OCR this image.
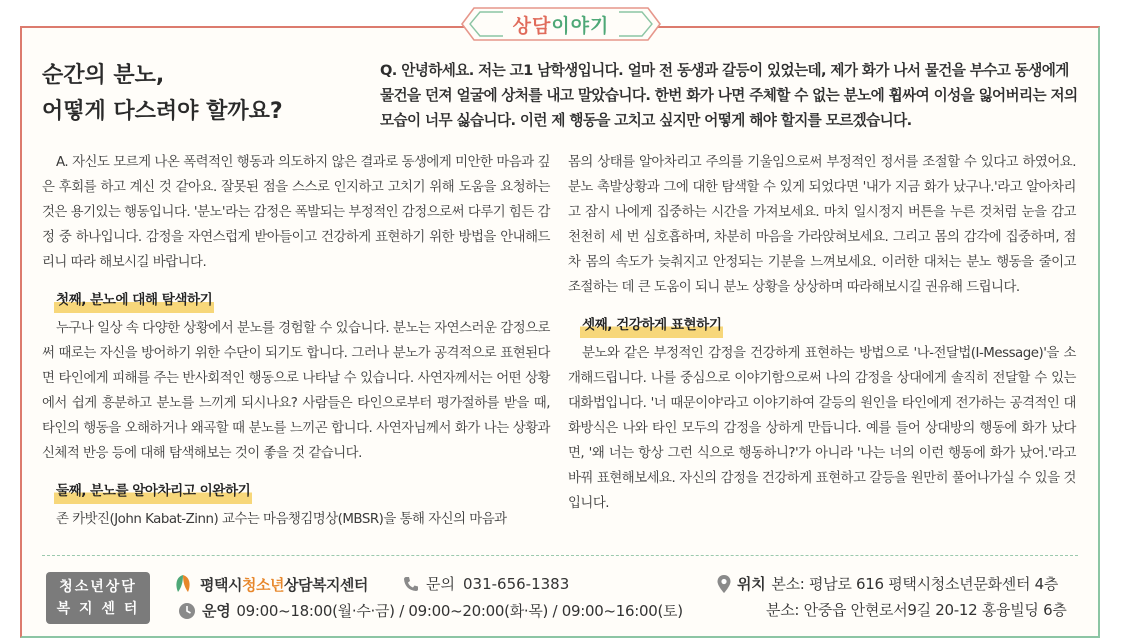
상담이야기
순간의 분노,
어떻게 다스려야 할까요?
Q. 안녕하세요. 저는 고1 남학생입니다. 얼마 전 동생과 갈등이 있었는데, 제가 화가 나서 물건을 부수고 동생에게 물건을 던져 얼굴에 상처를 내고 말았습니다. 한번 화가 나면 주체할 수 없는 분노에 휩싸여 이성을 잃어버리는 저의 모습이 너무 싫습니다. 이런 제 행동을 고치고 싶지만 어떻게 해야 할지를 모르겠습니다.

A. 자신도 모르게 나온 폭력적인 행동과 의도하지 않은 결과로 동생에게 미안한 마음과 깊은 후회를 하고 계신 것 같아요. 잘못된 점을 스스로 인지하고 고치기 위해 도움을 요청하는 것은 용기있는 행동입니다. '분노'라는 감정은 폭발되는 부정적인 감정으로써 다루기 힘든 감정 중 하나입니다. 감정을 자연스럽게 받아들이고 건강하게 표현하기 위한 방법을 안내해드리니 따라 해보시길 바랍니다.

첫째, 분노에 대해 탐색하기

누구나 일상 속 다양한 상황에서 분노를 경험할 수 있습니다. 분노는 자연스러운 감정으로써 때로는 자신을 방어하기 위한 수단이 되기도 합니다. 그러나 분노가 공격적으로 표현된다면 타인에게 피해를 주는 반사회적인 행동으로 나타날 수 있습니다. 사연자께서는 어떤 상황에서 쉽게 흥분하고 분노를 느끼게 되시나요? 사람들은 타인으로부터 평가절하를 받을 때, 타인의 행동을 오해하거나 왜곡할 때 분노를 느끼곤 합니다. 사연자님께서 화가 나는 상황과 신체적 반응 등에 대해 탐색해보는 것이 좋을 것 같습니다.

둘째, 분노를 알아차리고 이완하기

존 카밧진(John Kabat-Zinn) 교수는 마음챙김명상(MBSR)을 통해 자신의 마음과

몸의 상태를 알아차리고 주의를 기울임으로써 부정적인 정서를 조절할 수 있다고 하였어요. 분노 촉발상황과 그에 대한 탐색할 수 있게 되었다면 '내가 지금 화가 났구나.'라고 알아차리고 잠시 나에게 집중하는 시간을 가져보세요. 마치 일시정지 버튼을 누른 것처럼 눈을 감고 천천히 세 번 심호흡하며, 차분히 마음을 가라앉혀보세요. 그리고 몸의 감각에 집중하며, 점차 몸의 속도가 늦춰지고 안정되는 기분을 느껴보세요. 이러한 대처는 분노 행동을 줄이고 조절하는 데 큰 도움이 되니 분노 상황을 상상하며 따라해보시길 권유해 드립니다.

셋째, 건강하게 표현하기

분노와 같은 부정적인 감정을 건강하게 표현하는 방법으로 '나-전달법(I-Message)'을 소개해드립니다. 나를 중심으로 이야기함으로써 나의 감정을 상대에게 솔직히 전달할 수 있는 대화법입니다. '너 때문이야'라고 이야기하여 갈등의 원인을 타인에게 전가하는 공격적인 대화방식은 나와 타인 모두의 감정을 상하게 만듭니다. 예를 들어 상대방의 행동에 화가 났다면, '왜 너는 항상 그런 식으로 행동하니?'가 아니라 '나는 너의 이런 행동에 화가 났어.'라고 바꿔 표현해보세요. 자신의 감정을 건강하게 표현하고 갈등을 원만히 풀어나가실 수 있을 것입니다.

청소년상담
복 지 센 터
평택시청소년상담복지센터	문의 031-656-1383
운영 09:00~18:00(월·수·금) / 09:00~20:00(화·목) / 09:00~16:00(토)
위치 본소: 평남로 616 평택시청소년문화센터 4층
분소: 안중읍 안현로서9길 20-12 홍융빌딩 6층
